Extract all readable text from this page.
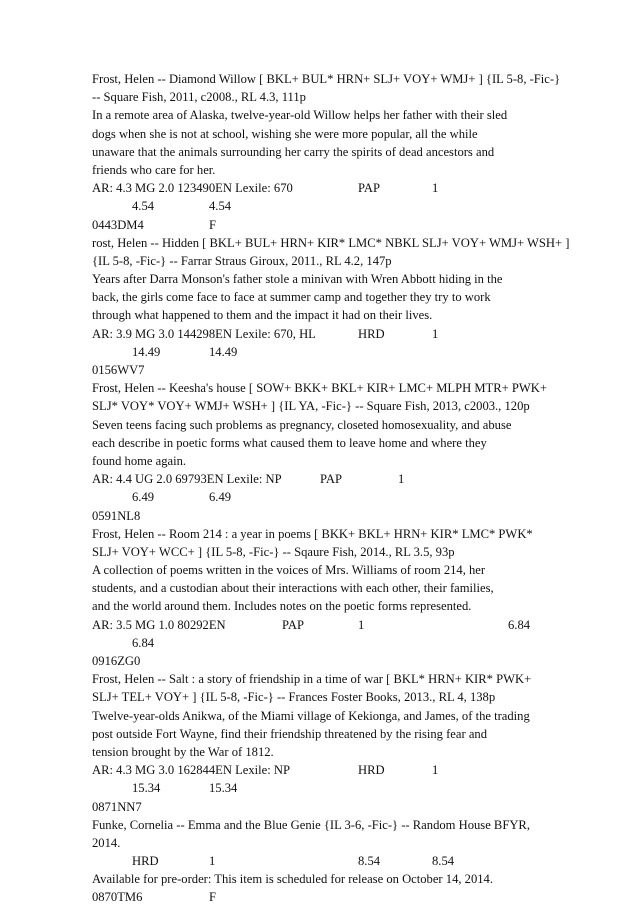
Frost, Helen -- Diamond Willow [ BKL+ BUL* HRN+ SLJ+ VOY+ WMJ+ ] {IL 5-8, -Fic-}
-- Square Fish, 2011, c2008., RL 4.3, 111p
In a remote area of Alaska, twelve-year-old Willow helps her father with their sled
dogs when she is not at school, wishing she were more popular, all the while
unaware that the animals surrounding her carry the spirits of dead ancestors and
friends who care for her.
AR: 4.3 MG 2.0 123490EN Lexile: 670	PAP	1
4.54	4.54
0443DM4	F
rost, Helen -- Hidden [ BKL+ BUL+ HRN+ KIR* LMC* NBKL SLJ+ VOY+ WMJ+ WSH+ ]
{IL 5-8, -Fic-} -- Farrar Straus Giroux, 2011., RL 4.2, 147p
Years after Darra Monson's father stole a minivan with Wren Abbott hiding in the
back, the girls come face to face at summer camp and together they try to work
through what happened to them and the impact it had on their lives.
AR: 3.9 MG 3.0 144298EN Lexile: 670, HL	HRD	1
14.49	14.49
0156WV7
Frost, Helen -- Keesha's house [ SOW+ BKK+ BKL+ KIR+ LMC+ MLPH MTR+ PWK+
SLJ* VOY* VOY+ WMJ+ WSH+ ] {IL YA, -Fic-} -- Square Fish, 2013, c2003., 120p
Seven teens facing such problems as pregnancy, closeted homosexuality, and abuse
each describe in poetic forms what caused them to leave home and where they
found home again.
AR: 4.4 UG 2.0 69793EN Lexile: NP	PAP	1
6.49	6.49
0591NL8
Frost, Helen -- Room 214 : a year in poems [ BKK+ BKL+ HRN+ KIR* LMC* PWK*
SLJ+ VOY+ WCC+ ] {IL 5-8, -Fic-} -- Sqaure Fish, 2014., RL 3.5, 93p
A collection of poems written in the voices of Mrs. Williams of room 214, her
students, and a custodian about their interactions with each other, their families,
and the world around them. Includes notes on the poetic forms represented.
AR: 3.5 MG 1.0 80292EN	PAP	1	6.84
6.84
0916ZG0
Frost, Helen -- Salt : a story of friendship in a time of war [ BKL* HRN+ KIR* PWK+
SLJ+ TEL+ VOY+ ] {IL 5-8, -Fic-} -- Frances Foster Books, 2013., RL 4, 138p
Twelve-year-olds Anikwa, of the Miami village of Kekionga, and James, of the trading
post outside Fort Wayne, find their friendship threatened by the rising fear and
tension brought by the War of 1812.
AR: 4.3 MG 3.0 162844EN Lexile: NP	HRD	1
15.34	15.34
0871NN7
Funke, Cornelia -- Emma and the Blue Genie {IL 3-6, -Fic-} -- Random House BFYR,
2014.
HRD	1	8.54	8.54
Available for pre-order: This item is scheduled for release on October 14, 2014.
0870TM6	F
